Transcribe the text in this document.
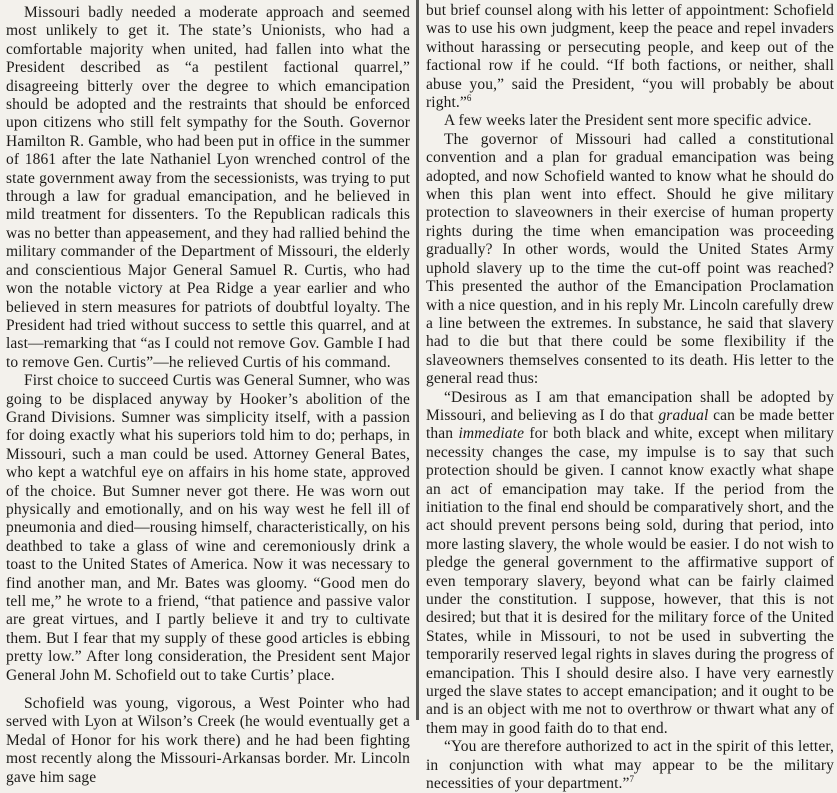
Missouri badly needed a moderate approach and seemed most unlikely to get it. The state’s Unionists, who had a comfortable majority when united, had fallen into what the President described as “a pestilent factional quarrel,” disagreeing bitterly over the degree to which emancipation should be adopted and the restraints that should be enforced upon citizens who still felt sympathy for the South. Governor Hamilton R. Gamble, who had been put in office in the summer of 1861 after the late Nathaniel Lyon wrenched control of the state government away from the secessionists, was trying to put through a law for gradual emancipation, and he believed in mild treatment for dissenters. To the Republican radicals this was no better than appeasement, and they had rallied behind the military commander of the Department of Missouri, the elderly and conscientious Major General Samuel R. Curtis, who had won the notable victory at Pea Ridge a year earlier and who believed in stern measures for patriots of doubtful loyalty. The President had tried without success to settle this quarrel, and at last—remarking that “as I could not remove Gov. Gamble I had to remove Gen. Curtis”—he relieved Curtis of his command.

First choice to succeed Curtis was General Sumner, who was going to be displaced anyway by Hooker’s abolition of the Grand Divisions. Sumner was simplicity itself, with a passion for doing exactly what his superiors told him to do; perhaps, in Missouri, such a man could be used. Attorney General Bates, who kept a watchful eye on affairs in his home state, approved of the choice. But Sumner never got there. He was worn out physically and emotionally, and on his way west he fell ill of pneumonia and died—rousing himself, characteristically, on his deathbed to take a glass of wine and ceremoniously drink a toast to the United States of America. Now it was necessary to find another man, and Mr. Bates was gloomy. “Good men do tell me,” he wrote to a friend, “that patience and passive valor are great virtues, and I partly believe it and try to cultivate them. But I fear that my supply of these good articles is ebbing pretty low.” After long consideration, the President sent Major General John M. Schofield out to take Curtis’ place.

Schofield was young, vigorous, a West Pointer who had served with Lyon at Wilson’s Creek (he would eventually get a Medal of Honor for his work there) and he had been fighting most recently along the Missouri-Arkansas border. Mr. Lincoln gave him sage

but brief counsel along with his letter of appointment: Schofield was to use his own judgment, keep the peace and repel invaders without harassing or persecuting people, and keep out of the factional row if he could. “If both factions, or neither, shall abuse you,” said the President, “you will probably be about right.”$^6$

A few weeks later the President sent more specific advice.

The governor of Missouri had called a constitutional convention and a plan for gradual emancipation was being adopted, and now Schofield wanted to know what he should do when this plan went into effect. Should he give military protection to slaveowners in their exercise of human property rights during the time when emancipation was proceeding gradually? In other words, would the United States Army uphold slavery up to the time the cut-off point was reached? This presented the author of the Emancipation Proclamation with a nice question, and in his reply Mr. Lincoln carefully drew a line between the extremes. In substance, he said that slavery had to die but that there could be some flexibility if the slaveowners themselves consented to its death. His letter to the general read thus:

“Desirous as I am that emancipation shall be adopted by Missouri, and believing as I do that gradual can be made better than immediate for both black and white, except when military necessity changes the case, my impulse is to say that such protection should be given. I cannot know exactly what shape an act of emancipation may take. If the period from the initiation to the final end should be comparatively short, and the act should prevent persons being sold, during that period, into more lasting slavery, the whole would be easier. I do not wish to pledge the general government to the affirmative support of even temporary slavery, beyond what can be fairly claimed under the constitution. I suppose, however, that this is not desired; but that it is desired for the military force of the United States, while in Missouri, to not be used in subverting the temporarily reserved legal rights in slaves during the progress of emancipation. This I should desire also. I have very earnestly urged the slave states to accept emancipation; and it ought to be and is an object with me not to overthrow or thwart what any of them may in good faith do to that end.

“You are therefore authorized to act in the spirit of this letter, in conjunction with what may appear to be the military necessities of your department.”$^7$
